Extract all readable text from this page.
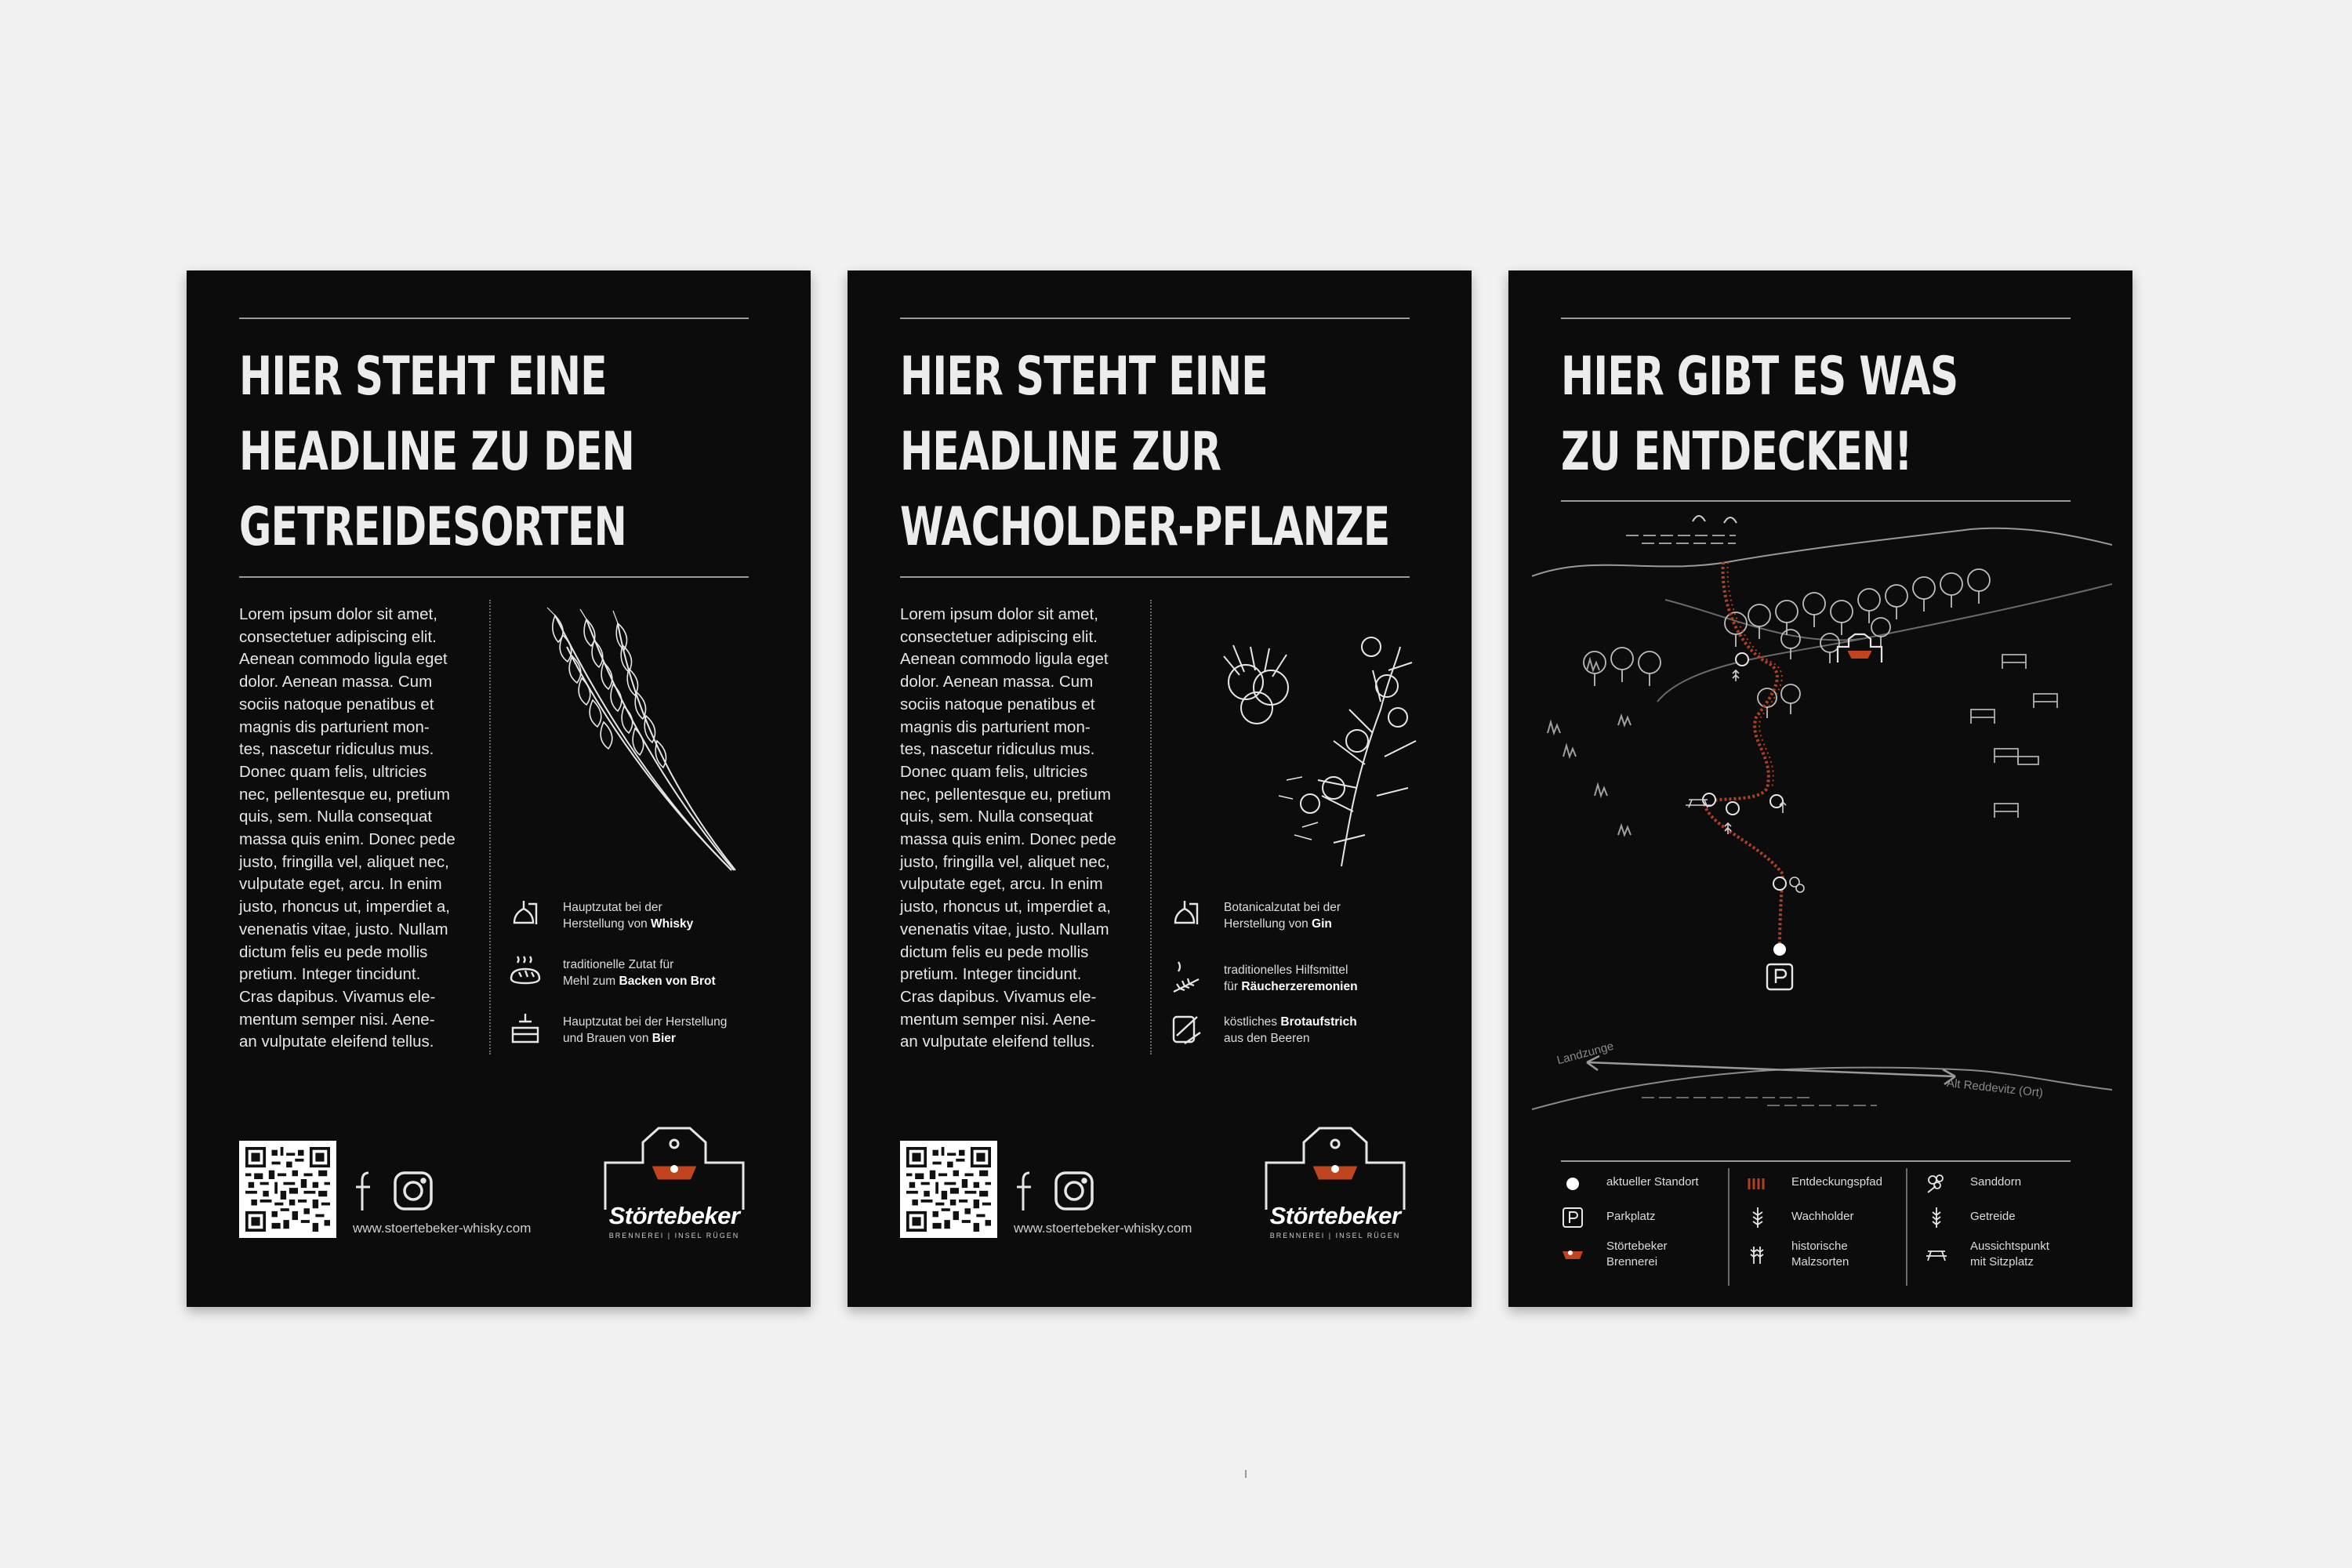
HIER STEHT EINE
HEADLINE ZU DEN
GETREIDESORTEN
Lorem ipsum dolor sit amet,
consectetuer adipiscing elit.
Aenean commodo ligula eget
dolor. Aenean massa. Cum
sociis natoque penatibus et
magnis dis parturient mon-
tes, nascetur ridiculus mus.
Donec quam felis, ultricies
nec, pellentesque eu, pretium
quis, sem. Nulla consequat
massa quis enim. Donec pede
justo, fringilla vel, aliquet nec,
vulputate eget, arcu. In enim
justo, rhoncus ut, imperdiet a,
venenatis vitae, justo. Nullam
dictum felis eu pede mollis
pretium. Integer tincidunt.
Cras dapibus. Vivamus ele-
mentum semper nisi. Aene-
an vulputate eleifend tellus.
Hauptzutat bei der
Herstellung von Whisky
traditionelle Zutat für
Mehl zum Backen von Brot
Hauptzutat bei der Herstellung
und Brauen von Bier
www.stoertebeker-whisky.com	Störtebeker
BRENNEREI | INSEL RÜGEN
HIER STEHT EINE
HEADLINE ZUR
WACHOLDER-PFLANZE
Lorem ipsum dolor sit amet,
consectetuer adipiscing elit.
Aenean commodo ligula eget
dolor. Aenean massa. Cum
sociis natoque penatibus et
magnis dis parturient mon-
tes, nascetur ridiculus mus.
Donec quam felis, ultricies
nec, pellentesque eu, pretium
quis, sem. Nulla consequat
massa quis enim. Donec pede
justo, fringilla vel, aliquet nec,
vulputate eget, arcu. In enim
justo, rhoncus ut, imperdiet a,
venenatis vitae, justo. Nullam
dictum felis eu pede mollis
pretium. Integer tincidunt.
Cras dapibus. Vivamus ele-
mentum semper nisi. Aene-
an vulputate eleifend tellus.
Botanicalzutat bei der
Herstellung von Gin
traditionelles Hilfsmittel
für Räucherzeremonien
köstliches Brotaufstrich
aus den Beeren
www.stoertebeker-whisky.com	Störtebeker
BRENNEREI | INSEL RÜGEN
HIER GIBT ES WAS
ZU ENTDECKEN!
Landzunge
Alt Reddevitz (Ort)
aktueller Standort
Parkplatz
Störtebeker
Brennerei
Entdeckungspfad
Wachholder
historische
Malzsorten
Sanddorn
Getreide
Aussichtspunkt
mit Sitzplatz
